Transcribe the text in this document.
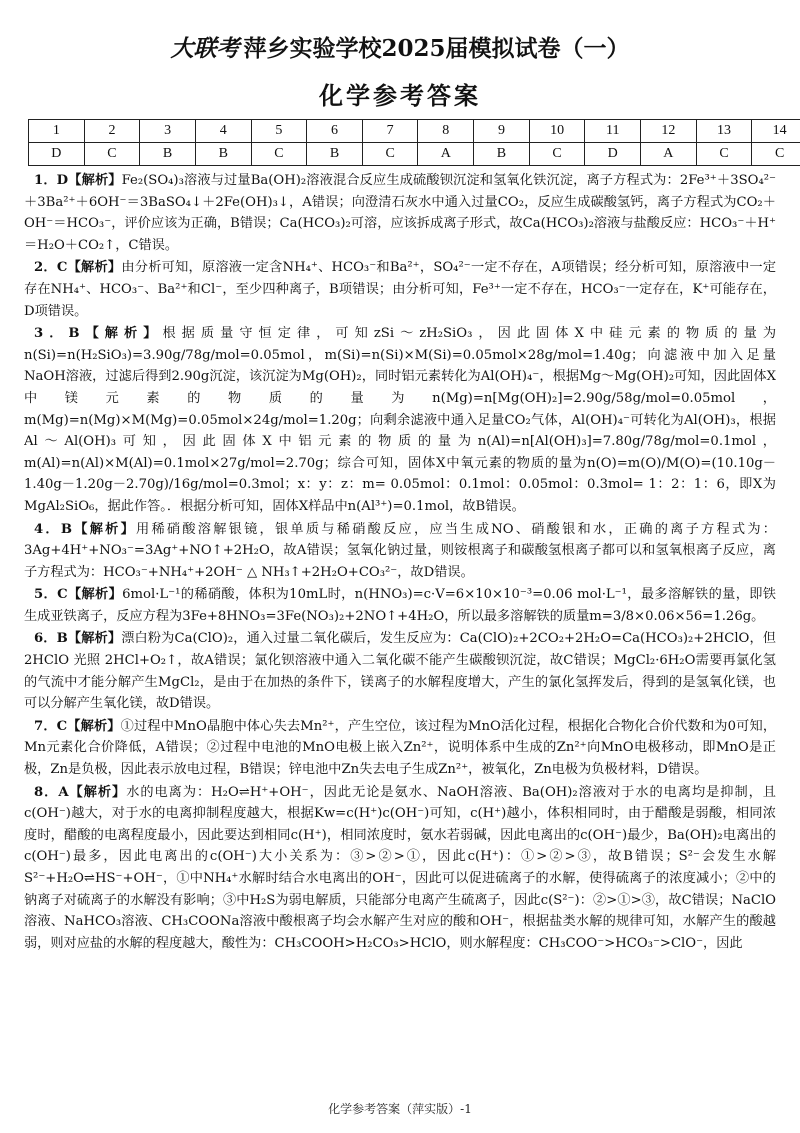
大联考 萍乡实验学校2025届模拟试卷（一）
化学参考答案
1	2	3	4	5	6	7	8	9	10	11	12	13	14
D	C	B	B	C	B	C	A	B	C	D	A	C	C

1．D【解析】Fe₂(SO₄)₃溶液与过量Ba(OH)₂溶液混合反应生成硫酸钡沉淀和氢氧化铁沉淀，离子方程式为：2Fe³⁺＋3SO₄²⁻＋3Ba²⁺＋6OH⁻＝3BaSO₄↓＋2Fe(OH)₃↓，A错误；向澄清石灰水中通入过量CO₂，反应生成碳酸氢钙，离子方程式为CO₂＋OH⁻＝HCO₃⁻，评价应该为正确，B错误；Ca(HCO₃)₂可溶，应该拆成离子形式，故Ca(HCO₃)₂溶液与盐酸反应：HCO₃⁻＋H⁺＝H₂O＋CO₂↑，C错误。

2．C【解析】由分析可知，原溶液一定含NH₄⁺、HCO₃⁻和Ba²⁺，SO₄²⁻一定不存在，A项错误；经分析可知，原溶液中一定存在NH₄⁺、HCO₃⁻、Ba²⁺和Cl⁻，至少四种离子，B项错误；由分析可知，Fe³⁺一定不存在，HCO₃⁻一定存在，K⁺可能存在，D项错误。

3．B【解析】根据质量守恒定律，可知zSi～zH₂SiO₃，因此固体X中硅元素的物质的量为n(Si)=n(H₂SiO₃)=3.90g/78g/mol=0.05mol，m(Si)=n(Si)×M(Si)=0.05mol×28g/mol=1.40g；向滤液中加入足量NaOH溶液，过滤后得到2.90g沉淀，该沉淀为Mg(OH)₂，同时铝元素转化为Al(OH)₄⁻，根据Mg～Mg(OH)₂可知，因此固体X中镁元素的物质的量为n(Mg)=n[Mg(OH)₂]=2.90g/58g/mol=0.05mol，m(Mg)=n(Mg)×M(Mg)=0.05mol×24g/mol=1.20g；向剩余滤液中通入足量CO₂气体，Al(OH)₄⁻可转化为Al(OH)₃，根据Al～Al(OH)₃可知，因此固体X中铝元素的物质的量为n(Al)=n[Al(OH)₃]=7.80g/78g/mol=0.1mol，m(Al)=n(Al)×M(Al)=0.1mol×27g/mol=2.70g；综合可知，固体X中氧元素的物质的量为n(O)=m(O)/M(O)=(10.10g－1.40g－1.20g－2.70g)/16g/mol=0.3mol；x：y：z：m= 0.05mol：0.1mol：0.05mol：0.3mol= 1：2：1：6，即X为MgAl₂SiO₆，据此作答。．根据分析可知，固体X样品中n(Al³⁺)=0.1mol，故B错误。

4．B【解析】用稀硝酸溶解银镜，银单质与稀硝酸反应，应当生成NO、硝酸银和水，正确的离子方程式为：3Ag+4H⁺+NO₃⁻=3Ag⁺+NO↑+2H₂O，故A错误；氢氧化钠过量，则铵根离子和碳酸氢根离子都可以和氢氧根离子反应，离子方程式为：HCO₃⁻+NH₄⁺+2OH⁻ △ NH₃↑+2H₂O+CO₃²⁻，故D错误。

5．C【解析】6mol·L⁻¹的稀硝酸，体积为10mL时，n(HNO₃)=c·V=6×10×10⁻³=0.06 mol·L⁻¹，最多溶解铁的量，即铁生成亚铁离子，反应方程为3Fe+8HNO₃=3Fe(NO₃)₂+2NO↑+4H₂O，所以最多溶解铁的质量m=3/8×0.06×56=1.26g。

6．B【解析】漂白粉为Ca(ClO)₂，通入过量二氧化碳后，发生反应为：Ca(ClO)₂+2CO₂+2H₂O=Ca(HCO₃)₂+2HClO，但2HClO 光照 2HCl+O₂↑，故A错误；氯化钡溶液中通入二氧化碳不能产生碳酸钡沉淀，故C错误；MgCl₂·6H₂O需要再氯化氢的气流中才能分解产生MgCl₂，是由于在加热的条件下，镁离子的水解程度增大，产生的氯化氢挥发后，得到的是氢氧化镁，也可以分解产生氧化镁，故D错误。

7．C【解析】①过程中MnO晶胞中体心失去Mn²⁺，产生空位，该过程为MnO活化过程，根据化合物化合价代数和为0可知，Mn元素化合价降低，A错误；②过程中电池的MnO电极上嵌入Zn²⁺，说明体系中生成的Zn²⁺向MnO电极移动，即MnO是正极，Zn是负极，因此表示放电过程，B错误；锌电池中Zn失去电子生成Zn²⁺，被氧化，Zn电极为负极材料，D错误。

8．A【解析】水的电离为：H₂O⇌H⁺+OH⁻，因此无论是氨水、NaOH溶液、Ba(OH)₂溶液对于水的电离均是抑制，且c(OH⁻)越大，对于水的电离抑制程度越大，根据Kw=c(H⁺)c(OH⁻)可知，c(H⁺)越小，体积相同时，由于醋酸是弱酸，相同浓度时，醋酸的电离程度最小，因此要达到相同c(H⁺)，相同浓度时，氨水若弱碱，因此电离出的c(OH⁻)最少，Ba(OH)₂电离出的c(OH⁻)最多，因此电离出的c(OH⁻)大小关系为：③>②>①，因此c(H⁺)：①>②>③，故B错误；S²⁻会发生水解S²⁻+H₂O⇌HS⁻+OH⁻，①中NH₄⁺水解时结合水电离出的OH⁻，因此可以促进硫离子的水解，使得硫离子的浓度减小；②中的钠离子对硫离子的水解没有影响；③中H₂S为弱电解质，只能部分电离产生硫离子，因此c(S²⁻)：②>①>③，故C错误；NaClO溶液、NaHCO₃溶液、CH₃COONa溶液中酸根离子均会水解产生对应的酸和OH⁻，根据盐类水解的规律可知，水解产生的酸越弱，则对应盐的水解的程度越大，酸性为：CH₃COOH>H₂CO₃>HClO，则水解程度：CH₃COO⁻>HCO₃⁻>ClO⁻，因此

化学参考答案（萍实版）-1
